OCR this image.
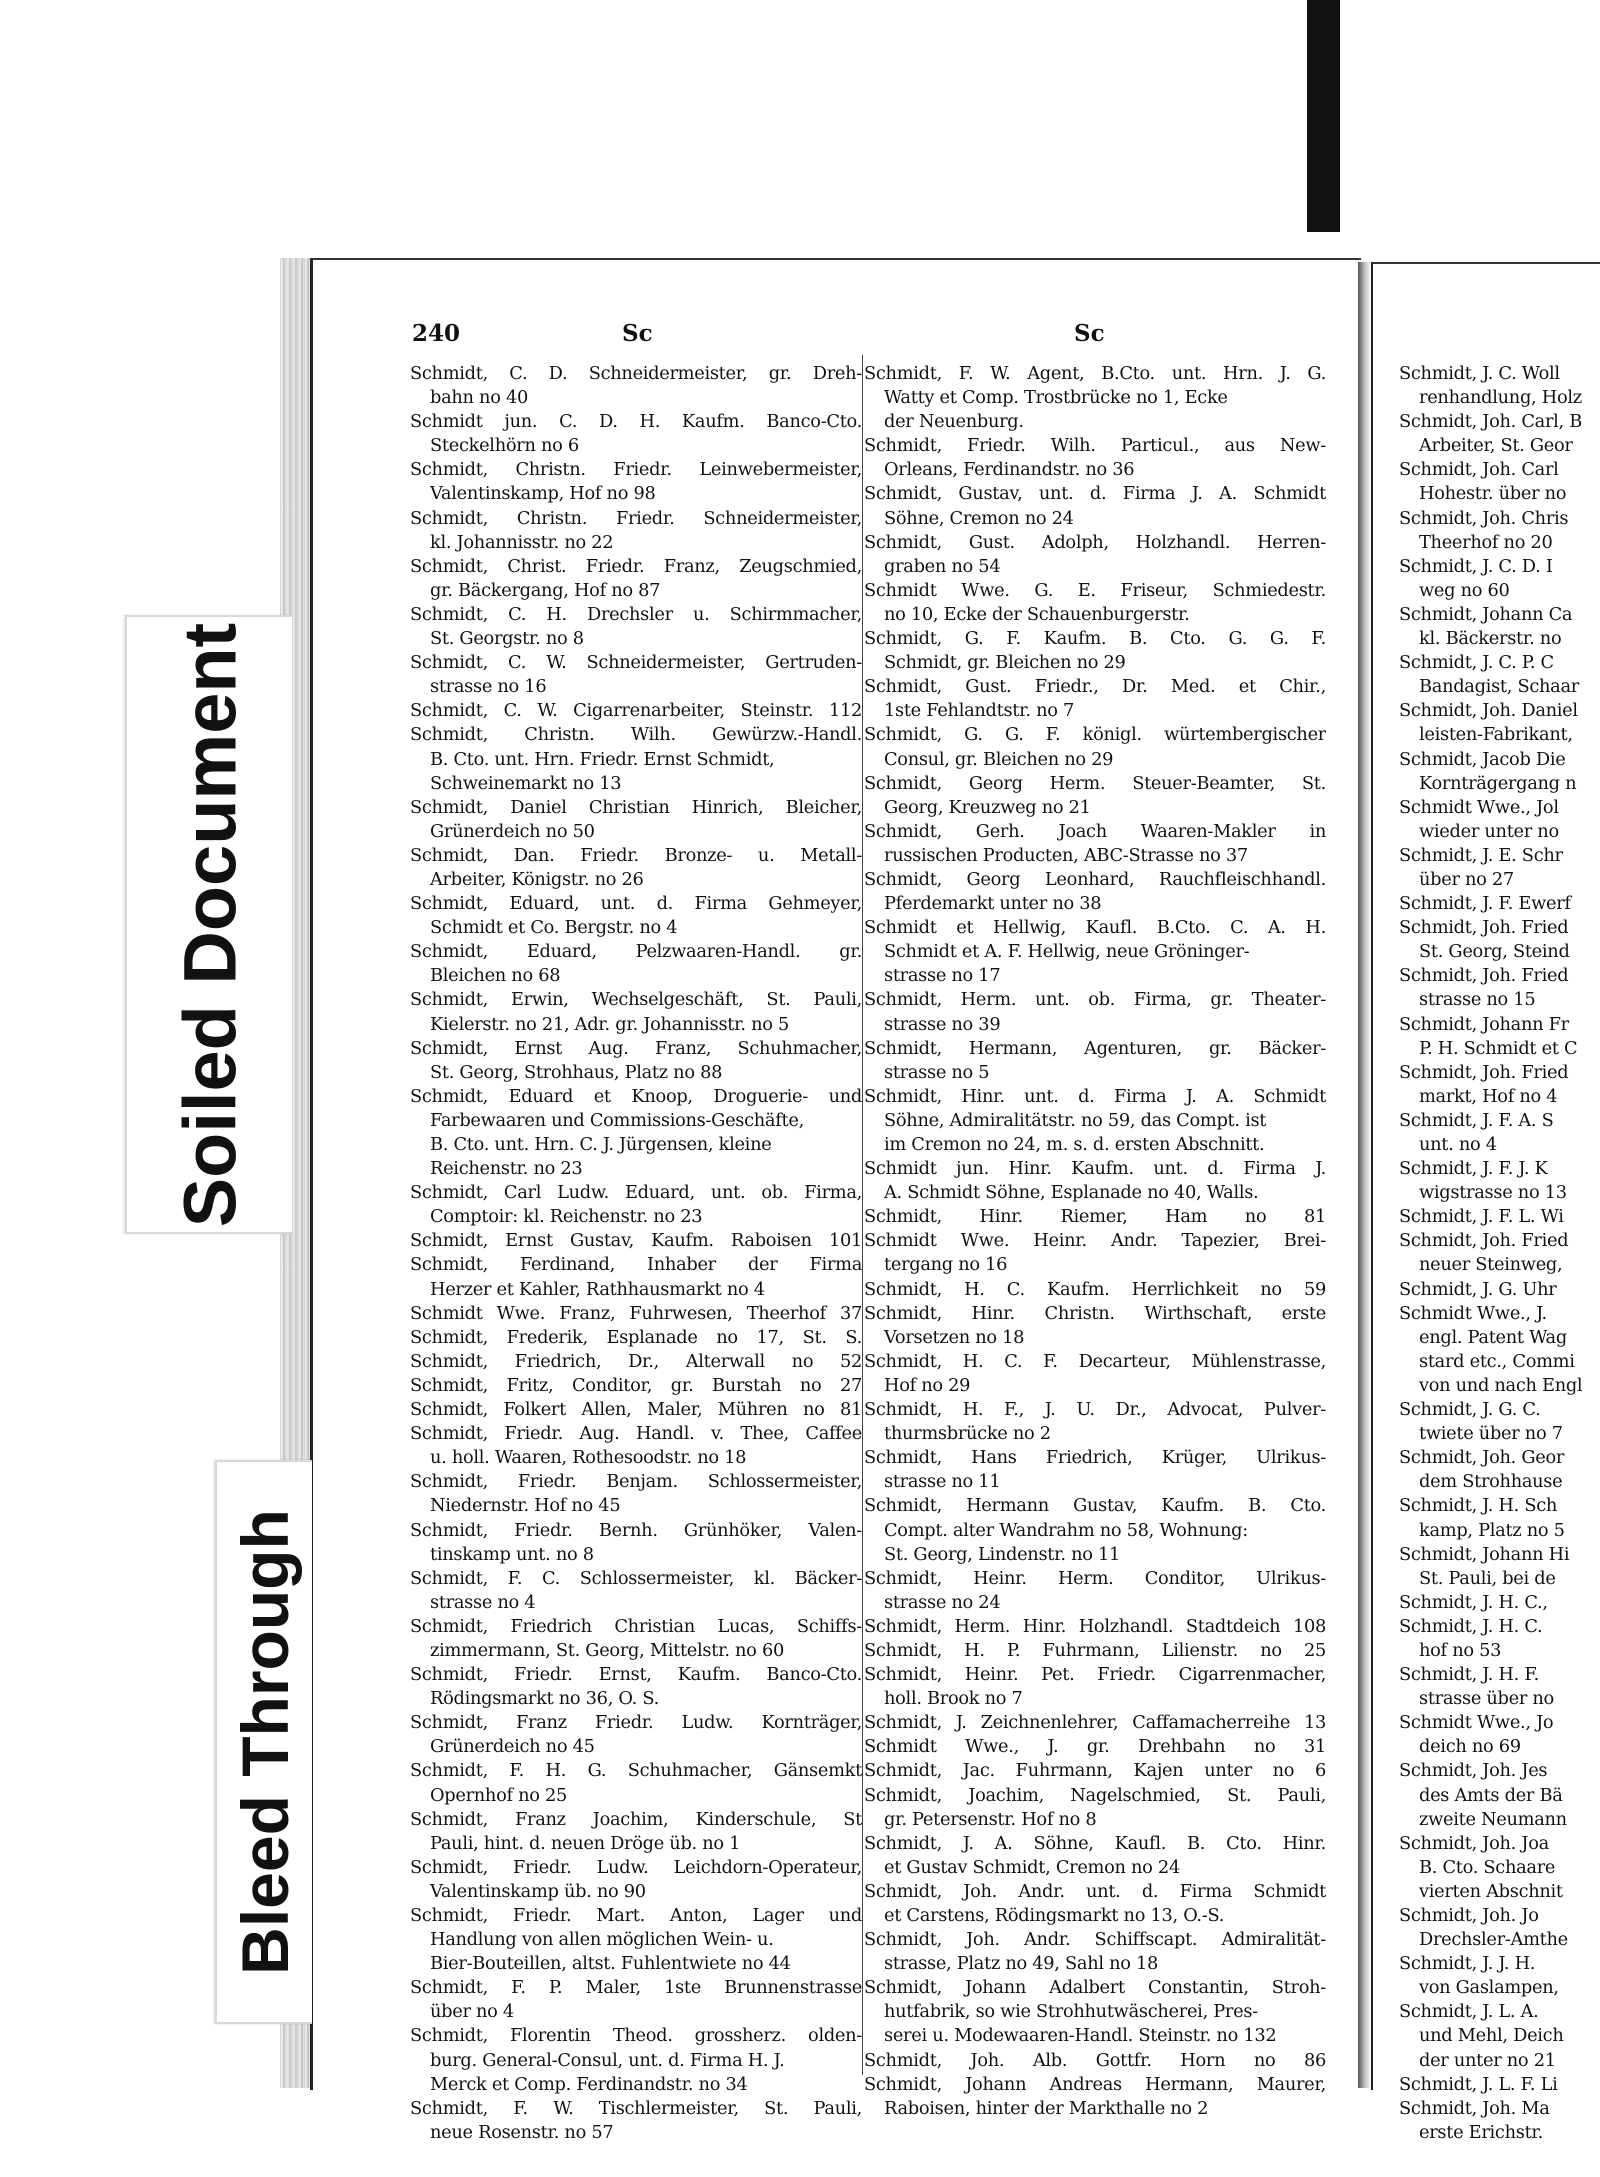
Soiled Document
Bleed Through
240	Sc	Sc
Schmidt, C. D. Schneidermeister, gr. Dreh-
bahn no 40
Schmidt jun. C. D. H. Kaufm. Banco-Cto.
Steckelhörn no 6
Schmidt, Christn. Friedr. Leinwebermeister,
Valentinskamp, Hof no 98
Schmidt, Christn. Friedr. Schneidermeister,
kl. Johannisstr. no 22
Schmidt, Christ. Friedr. Franz, Zeugschmied,
gr. Bäckergang, Hof no 87
Schmidt, C. H. Drechsler u. Schirmmacher,
St. Georgstr. no 8
Schmidt, C. W. Schneidermeister, Gertruden-
strasse no 16
Schmidt, C. W. Cigarrenarbeiter, Steinstr. 112
Schmidt, Christn. Wilh. Gewürzw.-Handl.
B. Cto. unt. Hrn. Friedr. Ernst Schmidt,
Schweinemarkt no 13
Schmidt, Daniel Christian Hinrich, Bleicher,
Grünerdeich no 50
Schmidt, Dan. Friedr. Bronze- u. Metall-
Arbeiter, Königstr. no 26
Schmidt, Eduard, unt. d. Firma Gehmeyer,
Schmidt et Co. Bergstr. no 4
Schmidt, Eduard, Pelzwaaren-Handl. gr.
Bleichen no 68
Schmidt, Erwin, Wechselgeschäft, St. Pauli,
Kielerstr. no 21, Adr. gr. Johannisstr. no 5
Schmidt, Ernst Aug. Franz, Schuhmacher,
St. Georg, Strohhaus, Platz no 88
Schmidt, Eduard et Knoop, Droguerie- und
Farbewaaren und Commissions-Geschäfte,
B. Cto. unt. Hrn. C. J. Jürgensen, kleine
Reichenstr. no 23
Schmidt, Carl Ludw. Eduard, unt. ob. Firma,
Comptoir: kl. Reichenstr. no 23
Schmidt, Ernst Gustav, Kaufm. Raboisen 101
Schmidt, Ferdinand, Inhaber der Firma
Herzer et Kahler, Rathhausmarkt no 4
Schmidt Wwe. Franz, Fuhrwesen, Theerhof 37
Schmidt, Frederik, Esplanade no 17, St. S.
Schmidt, Friedrich, Dr., Alterwall no 52
Schmidt, Fritz, Conditor, gr. Burstah no 27
Schmidt, Folkert Allen, Maler, Mühren no 81
Schmidt, Friedr. Aug. Handl. v. Thee, Caffee
u. holl. Waaren, Rothesoodstr. no 18
Schmidt, Friedr. Benjam. Schlossermeister,
Niedernstr. Hof no 45
Schmidt, Friedr. Bernh. Grünhöker, Valen-
tinskamp unt. no 8
Schmidt, F. C. Schlossermeister, kl. Bäcker-
strasse no 4
Schmidt, Friedrich Christian Lucas, Schiffs-
zimmermann, St. Georg, Mittelstr. no 60
Schmidt, Friedr. Ernst, Kaufm. Banco-Cto.
Rödingsmarkt no 36, O. S.
Schmidt, Franz Friedr. Ludw. Kornträger,
Grünerdeich no 45
Schmidt, F. H. G. Schuhmacher, Gänsemkt
Opernhof no 25
Schmidt, Franz Joachim, Kinderschule, St
Pauli, hint. d. neuen Dröge üb. no 1
Schmidt, Friedr. Ludw. Leichdorn-Operateur,
Valentinskamp üb. no 90
Schmidt, Friedr. Mart. Anton, Lager und
Handlung von allen möglichen Wein- u.
Bier-Bouteillen, altst. Fuhlentwiete no 44
Schmidt, F. P. Maler, 1ste Brunnenstrasse
über no 4
Schmidt, Florentin Theod. grossherz. olden-
burg. General-Consul, unt. d. Firma H. J.
Merck et Comp. Ferdinandstr. no 34
Schmidt, F. W. Tischlermeister, St. Pauli,
neue Rosenstr. no 57
Schmidt, F. W. Agent, B.Cto. unt. Hrn. J. G.
Watty et Comp. Trostbrücke no 1, Ecke
der Neuenburg.
Schmidt, Friedr. Wilh. Particul., aus New-
Orleans, Ferdinandstr. no 36
Schmidt, Gustav, unt. d. Firma J. A. Schmidt
Söhne, Cremon no 24
Schmidt, Gust. Adolph, Holzhandl. Herren-
graben no 54
Schmidt Wwe. G. E. Friseur, Schmiedestr.
no 10, Ecke der Schauenburgerstr.
Schmidt, G. F. Kaufm. B. Cto. G. G. F.
Schmidt, gr. Bleichen no 29
Schmidt, Gust. Friedr., Dr. Med. et Chir.,
1ste Fehlandtstr. no 7
Schmidt, G. G. F. königl. würtembergischer
Consul, gr. Bleichen no 29
Schmidt, Georg Herm. Steuer-Beamter, St.
Georg, Kreuzweg no 21
Schmidt, Gerh. Joach Waaren-Makler in
russischen Producten, ABC-Strasse no 37
Schmidt, Georg Leonhard, Rauchfleischhandl.
Pferdemarkt unter no 38
Schmidt et Hellwig, Kaufl. B.Cto. C. A. H.
Schmidt et A. F. Hellwig, neue Gröninger-
strasse no 17
Schmidt, Herm. unt. ob. Firma, gr. Theater-
strasse no 39
Schmidt, Hermann, Agenturen, gr. Bäcker-
strasse no 5
Schmidt, Hinr. unt. d. Firma J. A. Schmidt
Söhne, Admiralitätstr. no 59, das Compt. ist
im Cremon no 24, m. s. d. ersten Abschnitt.
Schmidt jun. Hinr. Kaufm. unt. d. Firma J.
A. Schmidt Söhne, Esplanade no 40, Walls.
Schmidt, Hinr. Riemer, Ham no 81
Schmidt Wwe. Heinr. Andr. Tapezier, Brei-
tergang no 16
Schmidt, H. C. Kaufm. Herrlichkeit no 59
Schmidt, Hinr. Christn. Wirthschaft, erste
Vorsetzen no 18
Schmidt, H. C. F. Decarteur, Mühlenstrasse,
Hof no 29
Schmidt, H. F., J. U. Dr., Advocat, Pulver-
thurmsbrücke no 2
Schmidt, Hans Friedrich, Krüger, Ulrikus-
strasse no 11
Schmidt, Hermann Gustav, Kaufm. B. Cto.
Compt. alter Wandrahm no 58, Wohnung:
St. Georg, Lindenstr. no 11
Schmidt, Heinr. Herm. Conditor, Ulrikus-
strasse no 24
Schmidt, Herm. Hinr. Holzhandl. Stadtdeich 108
Schmidt, H. P. Fuhrmann, Lilienstr. no 25
Schmidt, Heinr. Pet. Friedr. Cigarrenmacher,
holl. Brook no 7
Schmidt, J. Zeichnenlehrer, Caffamacherreihe 13
Schmidt Wwe., J. gr. Drehbahn no 31
Schmidt, Jac. Fuhrmann, Kajen unter no 6
Schmidt, Joachim, Nagelschmied, St. Pauli,
gr. Petersenstr. Hof no 8
Schmidt, J. A. Söhne, Kaufl. B. Cto. Hinr.
et Gustav Schmidt, Cremon no 24
Schmidt, Joh. Andr. unt. d. Firma Schmidt
et Carstens, Rödingsmarkt no 13, O.-S.
Schmidt, Joh. Andr. Schiffscapt. Admiralität-
strasse, Platz no 49, Sahl no 18
Schmidt, Johann Adalbert Constantin, Stroh-
hutfabrik, so wie Strohhutwäscherei, Pres-
serei u. Modewaaren-Handl. Steinstr. no 132
Schmidt, Joh. Alb. Gottfr. Horn no 86
Schmidt, Johann Andreas Hermann, Maurer,
Raboisen, hinter der Markthalle no 2
Schmidt, J. C. Woll
renhandlung, Holz
Schmidt, Joh. Carl, B
Arbeiter, St. Geor
Schmidt, Joh. Carl
Hohestr. über no
Schmidt, Joh. Chris
Theerhof no 20
Schmidt, J. C. D. I
weg no 60
Schmidt, Johann Ca
kl. Bäckerstr. no
Schmidt, J. C. P. C
Bandagist, Schaar
Schmidt, Joh. Daniel
leisten-Fabrikant,
Schmidt, Jacob Die
Kornträgergang n
Schmidt Wwe., Jol
wieder unter no
Schmidt, J. E. Schr
über no 27
Schmidt, J. F. Ewerf
Schmidt, Joh. Fried
St. Georg, Steind
Schmidt, Joh. Fried
strasse no 15
Schmidt, Johann Fr
P. H. Schmidt et C
Schmidt, Joh. Fried
markt, Hof no 4
Schmidt, J. F. A. S
unt. no 4
Schmidt, J. F. J. K
wigstrasse no 13
Schmidt, J. F. L. Wi
Schmidt, Joh. Fried
neuer Steinweg,
Schmidt, J. G. Uhr
Schmidt Wwe., J.
engl. Patent Wag
stard etc., Commi
von und nach Engl
Schmidt, J. G. C.
twiete über no 7
Schmidt, Joh. Geor
dem Strohhause
Schmidt, J. H. Sch
kamp, Platz no 5
Schmidt, Johann Hi
St. Pauli, bei de
Schmidt, J. H. C.,
Schmidt, J. H. C.
hof no 53
Schmidt, J. H. F.
strasse über no
Schmidt Wwe., Jo
deich no 69
Schmidt, Joh. Jes
des Amts der Bä
zweite Neumann
Schmidt, Joh. Joa
B. Cto. Schaare
vierten Abschnit
Schmidt, Joh. Jo
Drechsler-Amthe
Schmidt, J. J. H.
von Gaslampen,
Schmidt, J. L. A.
und Mehl, Deich
der unter no 21
Schmidt, J. L. F. Li
Schmidt, Joh. Ma
erste Erichstr.
